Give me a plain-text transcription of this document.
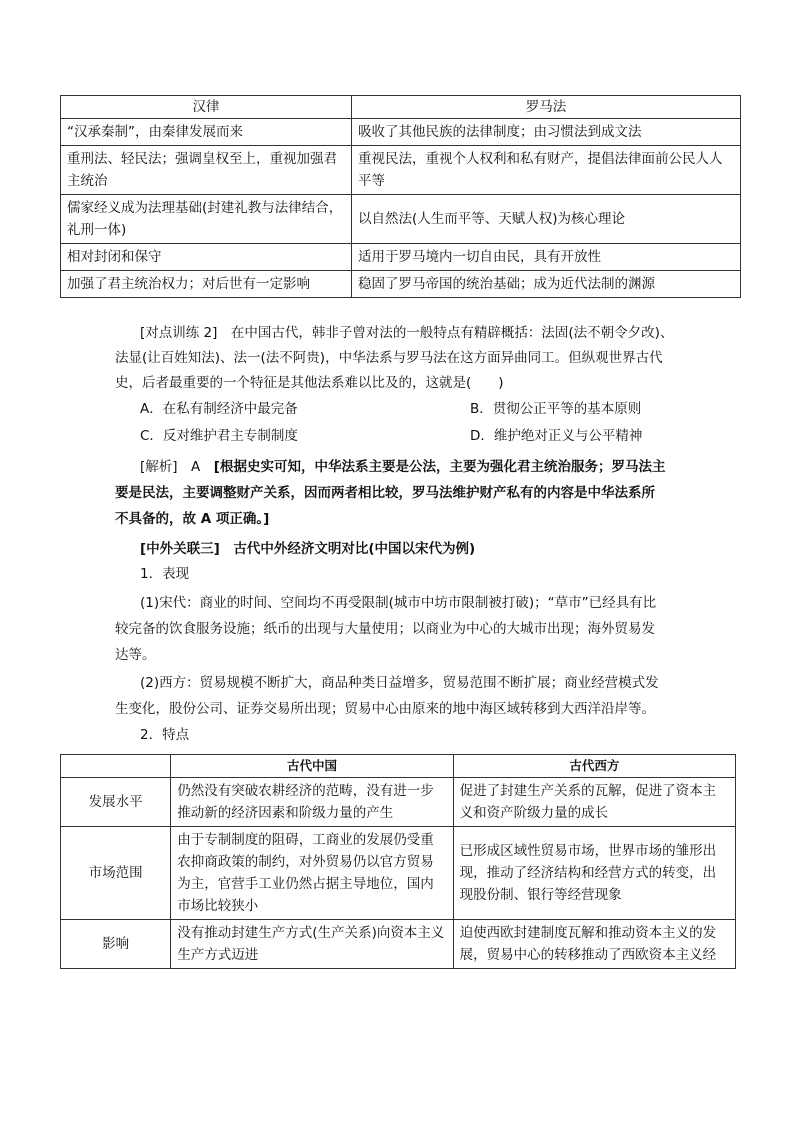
汉律	罗马法
“汉承秦制”，由秦律发展而来	吸收了其他民族的法律制度；由习惯法到成文法
重刑法、轻民法；强调皇权至上，重视加强君主统治	重视民法，重视个人权利和私有财产，提倡法律面前公民人人平等
儒家经义成为法理基础(封建礼教与法律结合，礼刑一体)	以自然法(人生而平等、天赋人权)为核心理论
相对封闭和保守	适用于罗马境内一切自由民，具有开放性
加强了君主统治权力；对后世有一定影响	稳固了罗马帝国的统治基础；成为近代法制的渊源

[对点训练 2]　在中国古代，韩非子曾对法的一般特点有精辟概括：法固(法不朝令夕改)、

法显(让百姓知法)、法一(法不阿贵)，中华法系与罗马法在这方面异曲同工。但纵观世界古代

史，后者最重要的一个特征是其他法系难以比及的，这就是(　　)

A．在私有制经济中最完备	B．贯彻公正平等的基本原则
C．反对维护君主专制制度	D．维护绝对正义与公平精神

[解析]　 A　 [根据史实可知，中华法系主要是公法，主要为强化君主统治服务；罗马法主

要是民法，主要调整财产关系，因而两者相比较，罗马法维护财产私有的内容是中华法系所

不具备的，故 A 项正确。]

[中外关联三]　古代中外经济文明对比(中国以宋代为例)

1．表现

(1)宋代：商业的时间、空间均不再受限制(城市中坊市限制被打破)；“草市”已经具有比

较完备的饮食服务设施；纸币的出现与大量使用；以商业为中心的大城市出现；海外贸易发

达等。

(2)西方：贸易规模不断扩大，商品种类日益增多，贸易范围不断扩展；商业经营模式发

生变化，股份公司、证券交易所出现；贸易中心由原来的地中海区域转移到大西洋沿岸等。

2．特点

	古代中国	古代西方
发展水平	仍然没有突破农耕经济的范畴，没有进一步推动新的经济因素和阶级力量的产生	促进了封建生产关系的瓦解，促进了资本主义和资产阶级力量的成长
市场范围	由于专制制度的阻碍，工商业的发展仍受重农抑商政策的制约，对外贸易仍以官方贸易为主，官营手工业仍然占据主导地位，国内市场比较狭小	已形成区域性贸易市场，世界市场的雏形出现，推动了经济结构和经营方式的转变，出现股份制、银行等经营现象
影响	没有推动封建生产方式(生产关系)向资本主义生产方式迈进	迫使西欧封建制度瓦解和推动资本主义的发展，贸易中心的转移推动了西欧资本主义经
